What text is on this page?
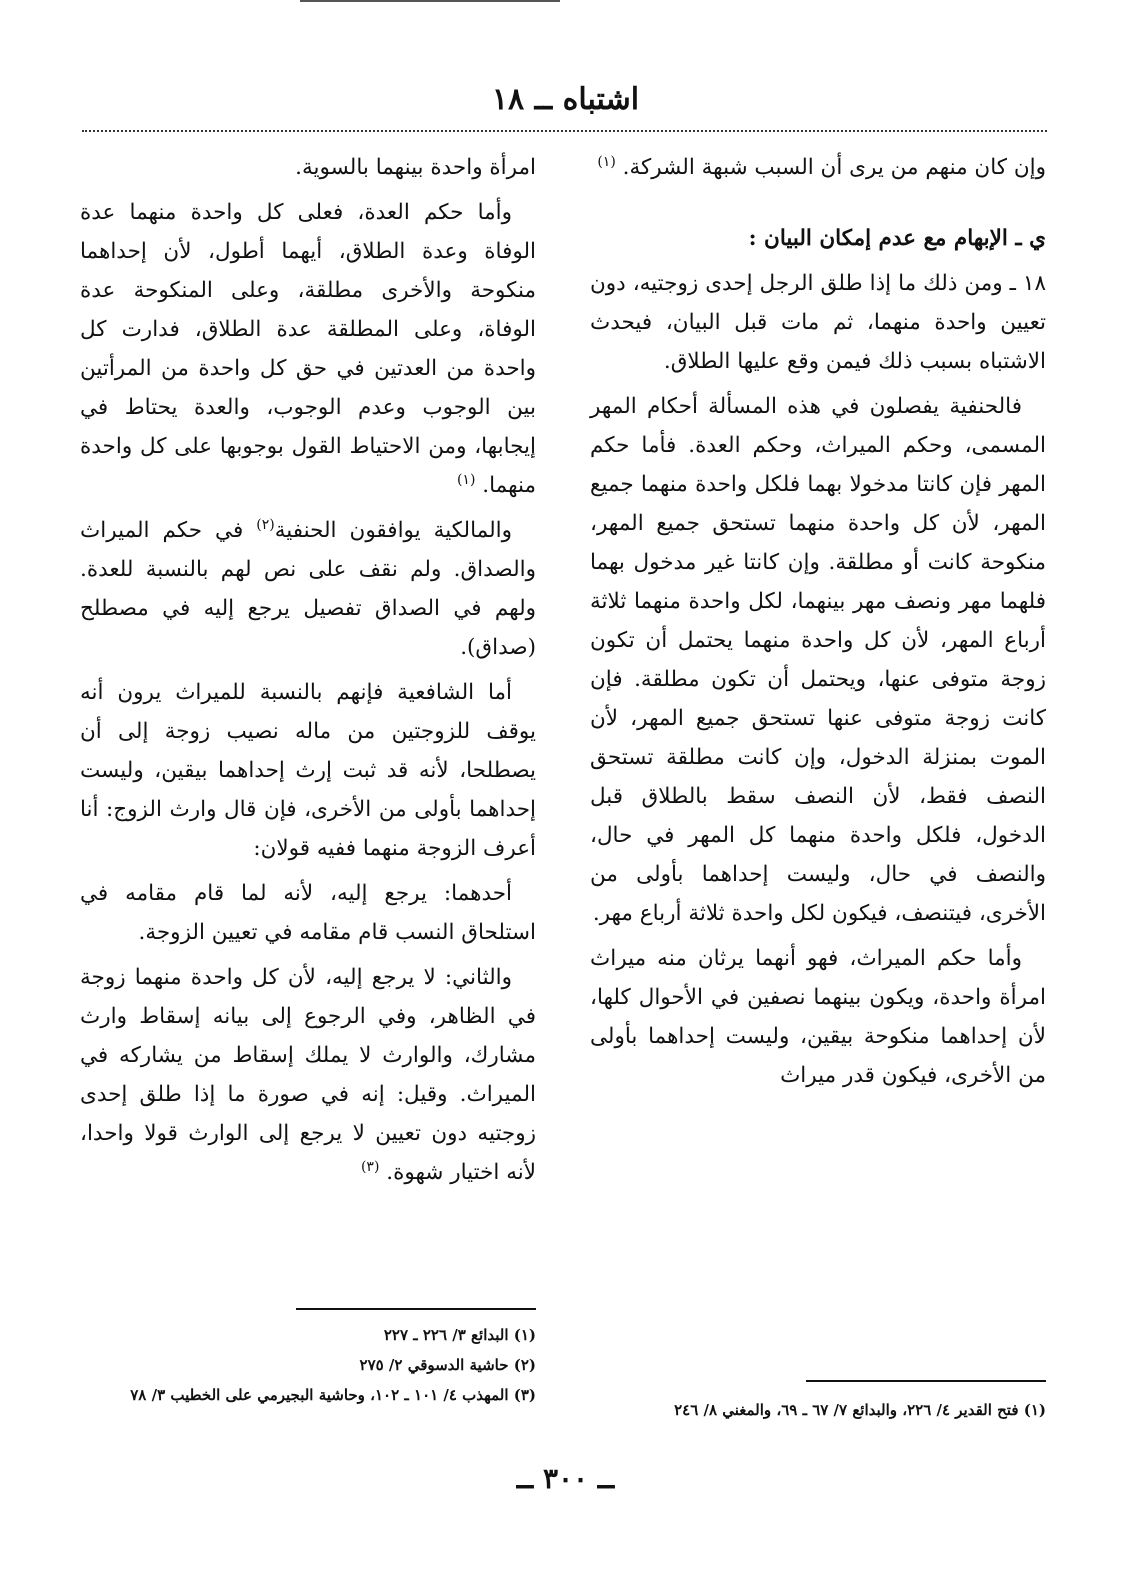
اشتباه ــ ١٨

وإن كان منهم من يرى أن السبب شبهة الشركة. $^{(١)}$

ي ـ الإبهام مع عدم إمكان البيان :

١٨ ـ ومن ذلك ما إذا طلق الرجل إحدى زوجتيه، دون تعيين واحدة منهما، ثم مات قبل البيان، فيحدث الاشتباه بسبب ذلك فيمن وقع عليها الطلاق.

فالحنفية يفصلون في هذه المسألة أحكام المهر المسمى، وحكم الميراث، وحكم العدة. فأما حكم المهر فإن كانتا مدخولا بهما فلكل واحدة منهما جميع المهر، لأن كل واحدة منهما تستحق جميع المهر، منكوحة كانت أو مطلقة. وإن كانتا غير مدخول بهما فلهما مهر ونصف مهر بينهما، لكل واحدة منهما ثلاثة أرباع المهر، لأن كل واحدة منهما يحتمل أن تكون زوجة متوفى عنها، ويحتمل أن تكون مطلقة. فإن كانت زوجة متوفى عنها تستحق جميع المهر، لأن الموت بمنزلة الدخول، وإن كانت مطلقة تستحق النصف فقط، لأن النصف سقط بالطلاق قبل الدخول، فلكل واحدة منهما كل المهر في حال، والنصف في حال، وليست إحداهما بأولى من الأخرى، فيتنصف، فيكون لكل واحدة ثلاثة أرباع مهر.

وأما حكم الميراث، فهو أنهما يرثان منه ميراث امرأة واحدة، ويكون بينهما نصفين في الأحوال كلها، لأن إحداهما منكوحة بيقين، وليست إحداهما بأولى من الأخرى، فيكون قدر ميراث

امرأة واحدة بينهما بالسوية.

وأما حكم العدة، فعلى كل واحدة منهما عدة الوفاة وعدة الطلاق، أيهما أطول، لأن إحداهما منكوحة والأخرى مطلقة، وعلى المنكوحة عدة الوفاة، وعلى المطلقة عدة الطلاق، فدارت كل واحدة من العدتين في حق كل واحدة من المرأتين بين الوجوب وعدم الوجوب، والعدة يحتاط في إيجابها، ومن الاحتياط القول بوجوبها على كل واحدة منهما. $^{(١)}$

والمالكية يوافقون الحنفية$^{(٢)}$ في حكم الميراث والصداق. ولم نقف على نص لهم بالنسبة للعدة. ولهم في الصداق تفصيل يرجع إليه في مصطلح (صداق).

أما الشافعية فإنهم بالنسبة للميراث يرون أنه يوقف للزوجتين من ماله نصيب زوجة إلى أن يصطلحا، لأنه قد ثبت إرث إحداهما بيقين، وليست إحداهما بأولى من الأخرى، فإن قال وارث الزوج: أنا أعرف الزوجة منهما ففيه قولان:

أحدهما: يرجع إليه، لأنه لما قام مقامه في استلحاق النسب قام مقامه في تعيين الزوجة.

والثاني: لا يرجع إليه، لأن كل واحدة منهما زوجة في الظاهر، وفي الرجوع إلى بيانه إسقاط وارث مشارك، والوارث لا يملك إسقاط من يشاركه في الميراث. وقيل: إنه في صورة ما إذا طلق إحدى زوجتيه دون تعيين لا يرجع إلى الوارث قولا واحدا، لأنه اختيار شهوة. $^{(٣)}$

(١) فتح القدير ٤/ ٢٢٦، والبدائع ٧/ ٦٧ ـ ٦٩، والمغني ٨/ ٢٤٦

(١) البدائع ٣/ ٢٢٦ ـ ٢٢٧

(٢) حاشية الدسوقي ٢/ ٢٧٥

(٣) المهذب ٤/ ١٠١ ـ ١٠٢، وحاشية البجيرمي على الخطيب ٣/ ٧٨

ــ ٣٠٠ ــ
